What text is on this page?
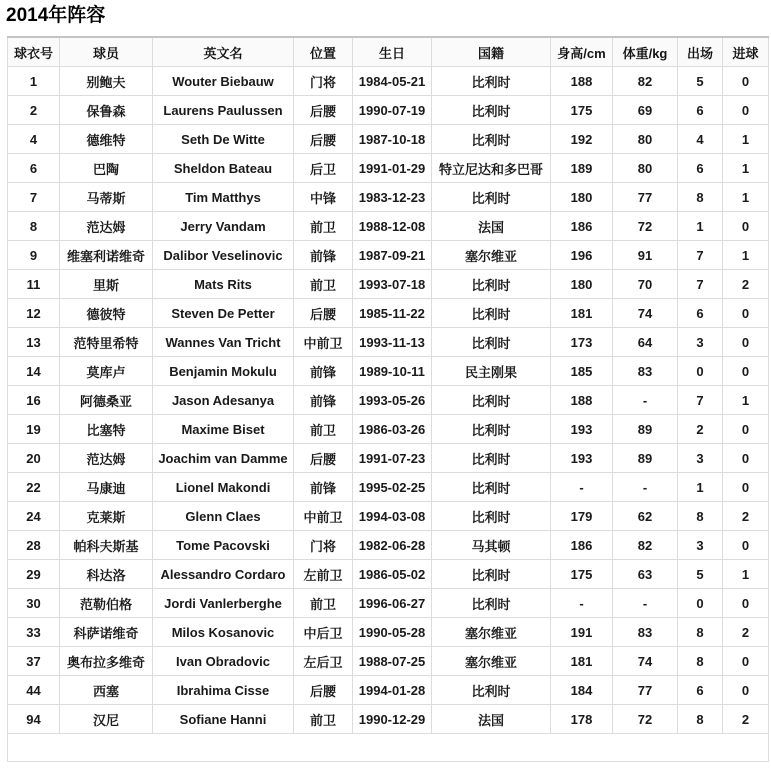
2014年阵容
球衣号	球员	英文名	位置	生日	国籍	身高/cm	体重/kg	出场	进球
1	别鲍夫	Wouter Biebauw	门将	1984-05-21	比利时	188	82	5	0
2	保鲁森	Laurens Paulussen	后腰	1990-07-19	比利时	175	69	6	0
4	德维特	Seth De Witte	后腰	1987-10-18	比利时	192	80	4	1
6	巴陶	Sheldon Bateau	后卫	1991-01-29	特立尼达和多巴哥	189	80	6	1
7	马蒂斯	Tim Matthys	中锋	1983-12-23	比利时	180	77	8	1
8	范达姆	Jerry Vandam	前卫	1988-12-08	法国	186	72	1	0
9	维塞利诺维奇	Dalibor Veselinovic	前锋	1987-09-21	塞尔维亚	196	91	7	1
11	里斯	Mats Rits	前卫	1993-07-18	比利时	180	70	7	2
12	德彼特	Steven De Petter	后腰	1985-11-22	比利时	181	74	6	0
13	范特里希特	Wannes Van Tricht	中前卫	1993-11-13	比利时	173	64	3	0
14	莫库卢	Benjamin Mokulu	前锋	1989-10-11	民主刚果	185	83	0	0
16	阿德桑亚	Jason Adesanya	前锋	1993-05-26	比利时	188	-	7	1
19	比塞特	Maxime Biset	前卫	1986-03-26	比利时	193	89	2	0
20	范达姆	Joachim van Damme	后腰	1991-07-23	比利时	193	89	3	0
22	马康迪	Lionel Makondi	前锋	1995-02-25	比利时	-	-	1	0
24	克莱斯	Glenn Claes	中前卫	1994-03-08	比利时	179	62	8	2
28	帕科夫斯基	Tome Pacovski	门将	1982-06-28	马其顿	186	82	3	0
29	科达洛	Alessandro Cordaro	左前卫	1986-05-02	比利时	175	63	5	1
30	范勒伯格	Jordi Vanlerberghe	前卫	1996-06-27	比利时	-	-	0	0
33	科萨诺维奇	Milos Kosanovic	中后卫	1990-05-28	塞尔维亚	191	83	8	2
37	奥布拉多维奇	Ivan Obradovic	左后卫	1988-07-25	塞尔维亚	181	74	8	0
44	西塞	Ibrahima Cisse	后腰	1994-01-28	比利时	184	77	6	0
94	汉尼	Sofiane Hanni	前卫	1990-12-29	法国	178	72	8	2
